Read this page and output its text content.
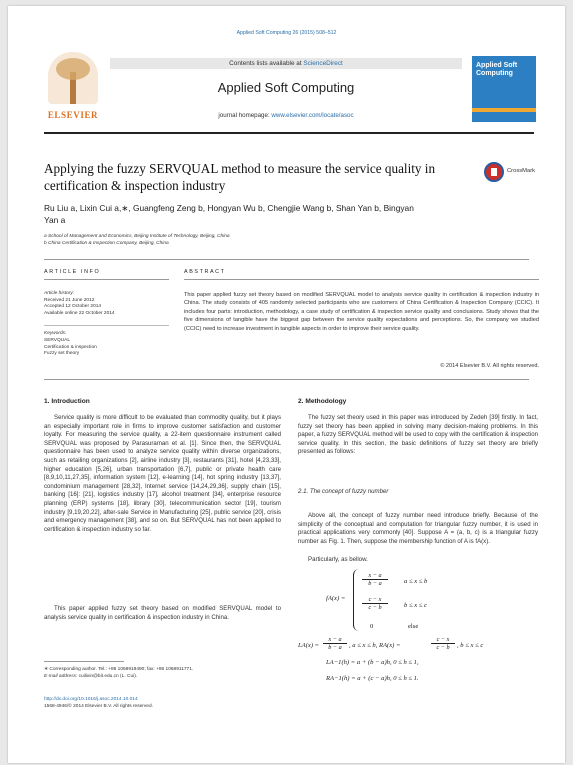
Applied Soft Computing 26 (2015) 508–512
ELSEVIER
Contents lists available at ScienceDirect
Applied Soft Computing
journal homepage: www.elsevier.com/locate/asoc
Applied Soft Computing
Applying the fuzzy SERVQUAL method to measure the service quality in certification & inspection industry
CrossMark
Ru Liu a, Lixin Cui a,∗, Guangfeng Zeng b, Hongyan Wu b, Chengjie Wang b, Shan Yan b, Bingyan Yan a
a School of Management and Economics, Beijing Institute of Technology, Beijing, China
b China Certification & Inspection Company, Beijing, China
ARTICLE INFO	ABSTRACT
Article history:
Received 21 June 2012
Accepted 12 October 2014
Available online 22 October 2014
Keywords:
SERVQUAL
Certification & inspection
Fuzzy set theory
This paper applied fuzzy set theory based on modified SERVQUAL model to analysis service quality in certification & inspection industry in China. The study consists of 405 randomly selected participants who are customers of China Certification & Inspection Company (CCIC). It includes four parts: introduction, methodology, a case study of certification & inspection service quality and conclusions. Study shows that the five dimensions of tangible have the biggest gap between the service quality expectations and perceptions. So, the company we studied (CCIC) need to increase investment in tangible aspects in order to improve their service quality.
© 2014 Elsevier B.V. All rights reserved.
1. Introduction
Service quality is more difficult to be evaluated than commodity quality, but it plays an especially important role in firms to improve customer satisfaction and customer loyalty. For measuring the service quality, a 22-item questionnaire instrument called SERVQUAL was proposed by Parasuraman et al. [1]. Since then, the SERVQUAL questionnaire has been used to analyze service quality within diverse organizations, such as retailing organizations [2], airline industry [3], restaurants [31], hotel [4,23,33], higher education [5,26], urban transportation [6,7], public or private health care [8,9,10,11,27,35], information system [12], e-learning [14], hot spring industry [13,37], condominium management [28,32], Internet service [14,24,29,36], supply chain [15], banking [16]: [21], logistics industry [17], alcohol treatment [34], enterprise resource planning (ERP) systems [18], library [30], telecommunication sector [19], tourism industry [9,19,20,22], after-sale Service in Manufacturing [25], public service [20], crisis and emergency management [38], and so on. But SERVQUAL has not been applied to certification & inspection industry so far.
This paper applied fuzzy set theory based on modified SERVQUAL model to analysis service quality in certification & inspection industry in China.
∗ Corresponding author. Tel.: +86 1068918490; fax: +86 1068911771.
E-mail address: cuilixin@bit.edu.cn (L. Cui).
http://dx.doi.org/10.1016/j.asoc.2014.10.014
1568-4946/© 2014 Elsevier B.V. All rights reserved.
2. Methodology
The fuzzy set theory used in this paper was introduced by Zedeh [39] firstly. In fact, fuzzy set theory has been applied in solving many decision-making problems. In this paper, a fuzzy SERVQUAL method will be used to copy with the certification & inspection service quality. In this section, the basic definitions of fuzzy set theory are briefly presented as follows:
2.1. The concept of fuzzy number
Above all, the concept of fuzzy number need introduce briefly. Because of the simplicity of the conceptual and computation for triangular fuzzy number, it is used in practical applications very commonly [40]. Suppose A = (a, b, c) is a triangular fuzzy number as Fig. 1. Then, suppose the membership function of A is fA(x).
Particularly, as bellow.
fA(x) =
$\frac{x - a}{b - a}$ a ≤ x ≤ b
$\frac{c - x}{c - b}$ b ≤ x ≤ c
0	else
$LA(x) = \frac{x - a}{b - a}$ , a ≤ x ≤ b, RA(x) =	$\frac{c - x}{c - b}$ , b ≤ x ≤ c
LA−1(h) = a + (b − a)h, 0 ≤ h ≤ 1,
RA−1(h) = a + (c − a)h, 0 ≤ h ≤ 1.
